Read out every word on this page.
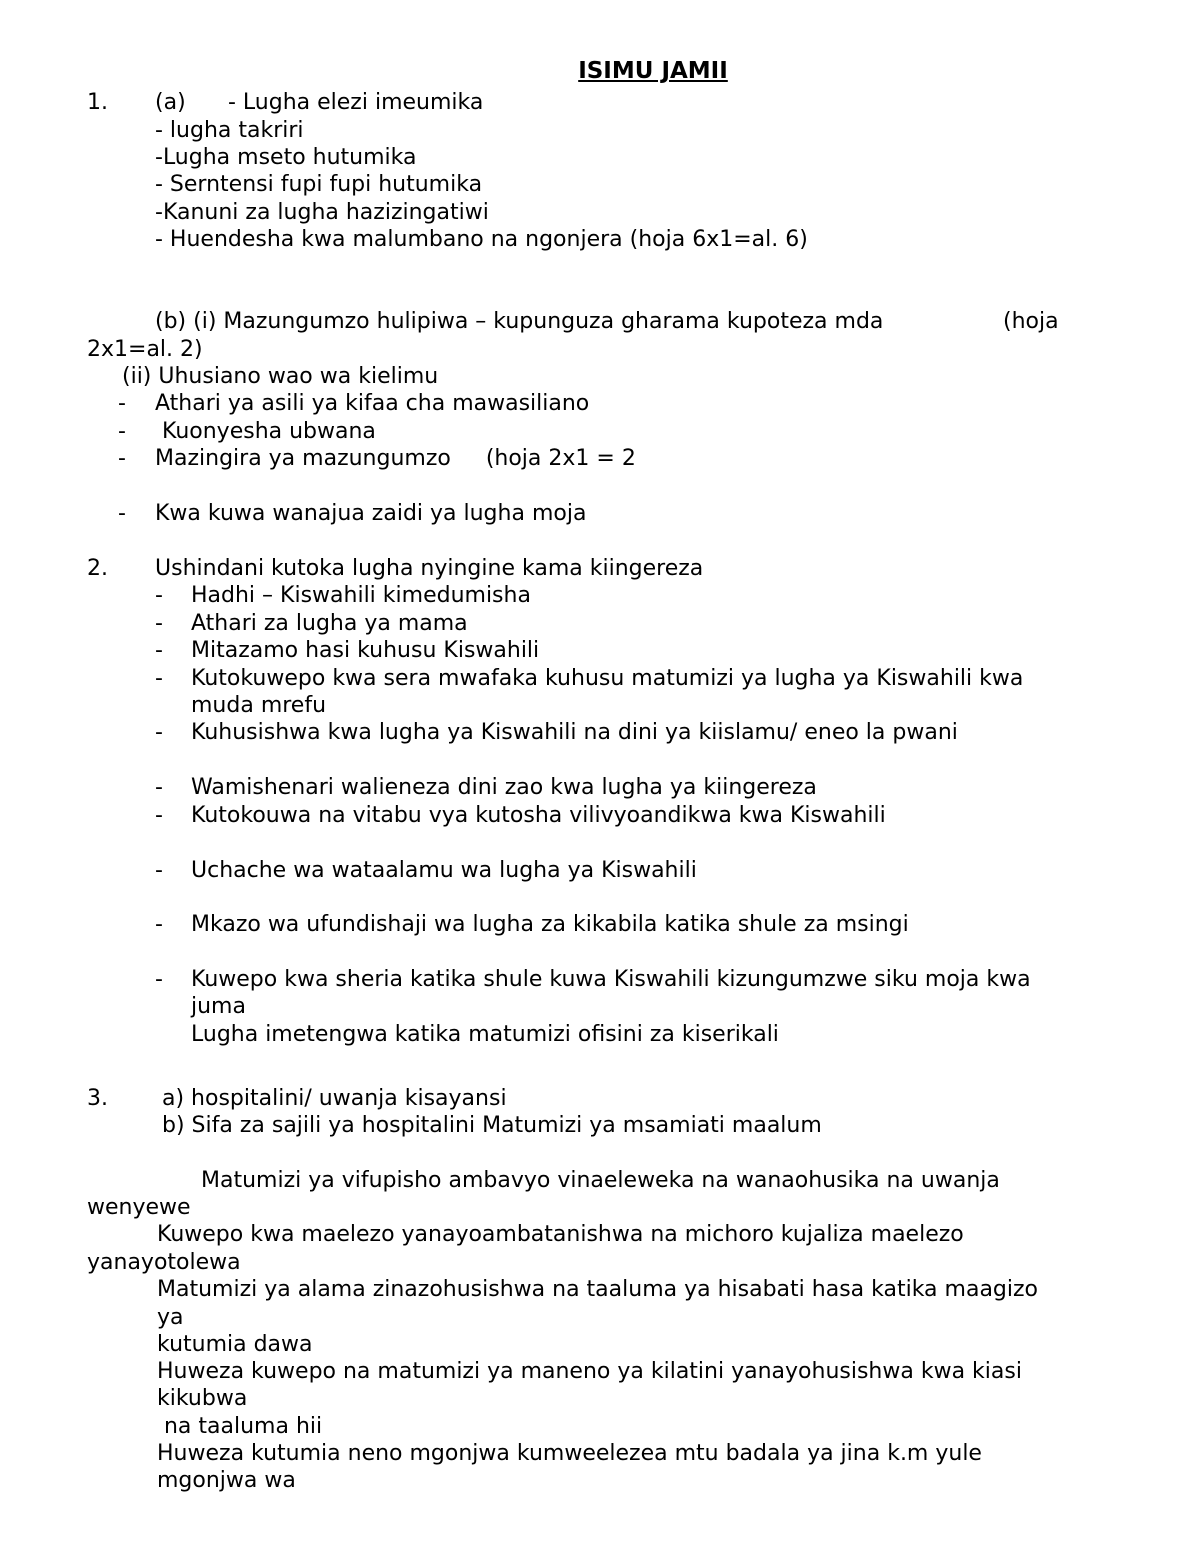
ISIMU JAMII
1. (a) - Lugha elezi imeumika
- lugha takriri
-Lugha mseto hutumika
- Serntensi fupi fupi hutumika
-Kanuni za lugha hazizingatiwi
- Huendesha kwa malumbano na ngonjera (hoja 6x1=al. 6)
(b) (i) Mazungumzo hulipiwa – kupunguza gharama kupoteza mda	(hoja
2x1=al. 2)
(ii) Uhusiano wao wa kielimu
- Athari ya asili ya kifaa cha mawasiliano
- Kuonyesha ubwana
- Mazingira ya mazungumzo     (hoja 2x1 = 2
- Kwa kuwa wanajua zaidi ya lugha moja
2. Ushindani kutoka lugha nyingine kama kiingereza
- Hadhi – Kiswahili kimedumisha
- Athari za lugha ya mama
- Mitazamo hasi kuhusu Kiswahili
- Kutokuwepo kwa sera mwafaka kuhusu matumizi ya lugha ya Kiswahili kwa
muda mrefu
- Kuhusishwa kwa lugha ya Kiswahili na dini ya kiislamu/ eneo la pwani
- Wamishenari walieneza dini zao kwa lugha ya kiingereza
- Kutokouwa na vitabu vya kutosha vilivyoandikwa kwa Kiswahili
- Uchache wa wataalamu wa lugha ya Kiswahili
- Mkazo wa ufundishaji wa lugha za kikabila katika shule za msingi
- Kuwepo kwa sheria katika shule kuwa Kiswahili kizungumzwe siku moja kwa
juma
Lugha imetengwa katika matumizi ofisini za kiserikali
3. a) hospitalini/ uwanja kisayansi
b) Sifa za sajili ya hospitalini Matumizi ya msamiati maalum
Matumizi ya vifupisho ambavyo vinaeleweka na wanaohusika na uwanja
wenyewe
Kuwepo kwa maelezo yanayoambatanishwa na michoro kujaliza maelezo
yanayotolewa
Matumizi ya alama zinazohusishwa na taaluma ya hisabati hasa katika maagizo
ya
kutumia dawa
Huweza kuwepo na matumizi ya maneno ya kilatini yanayohusishwa kwa kiasi
kikubwa
na taaluma hii
Huweza kutumia neno mgonjwa kumweelezea mtu badala ya jina k.m yule
mgonjwa wa
